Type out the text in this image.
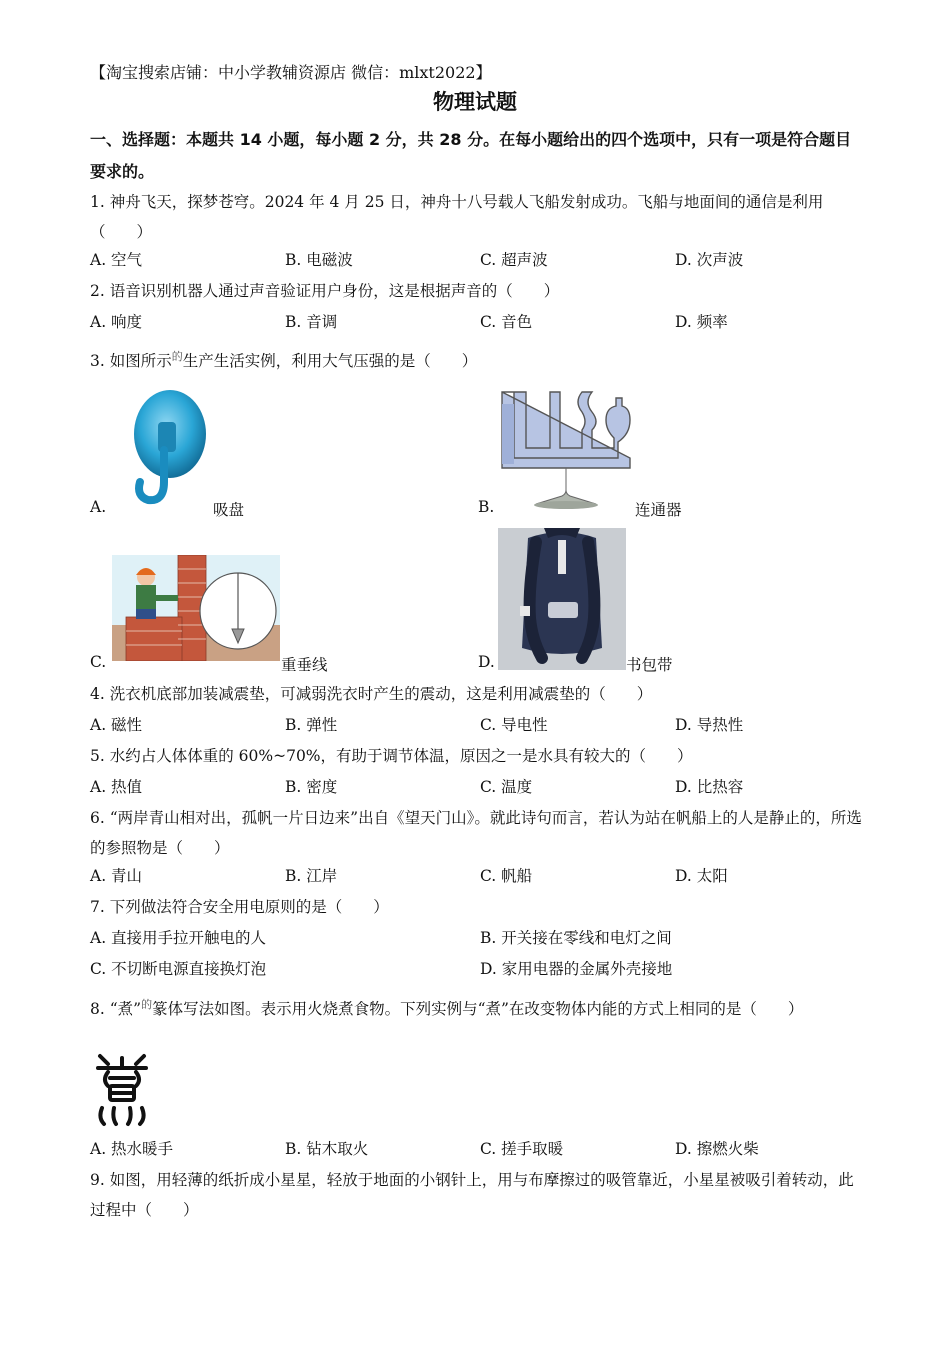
【淘宝搜索店铺：中小学教辅资源店 微信：mlxt2022】
物理试题
一、选择题：本题共 14 小题，每小题 2 分，共 28 分。在每小题给出的四个选项中，只有一项是符合题目要求的。
1. 神舟飞天，探梦苍穹。2024 年 4 月 25 日，神舟十八号载人飞船发射成功。飞船与地面间的通信是利用（　　）
A. 空气	B. 电磁波	C. 超声波	D. 次声波
2. 语音识别机器人通过声音验证用户身份，这是根据声音的（　　）
A. 响度	B. 音调	C. 音色	D. 频率
3. 如图所示$^的$生产生活实例，利用大气压强的是（　　）
A.	吸盘	B.	连通器
C.	重垂线	D.	书包带
4. 洗衣机底部加装减震垫，可减弱洗衣时产生的震动，这是利用减震垫的（　　）
A. 磁性	B. 弹性	C. 导电性	D. 导热性
5. 水约占人体体重的 60%~70%，有助于调节体温，原因之一是水具有较大的（　　）
A. 热值	B. 密度	C. 温度	D. 比热容
6. “两岸青山相对出，孤帆一片日边来”出自《望天门山》。就此诗句而言，若认为站在帆船上的人是静止的，所选的参照物是（　　）
A. 青山	B. 江岸	C. 帆船	D. 太阳
7. 下列做法符合安全用电原则的是（　　）
A. 直接用手拉开触电的人	B. 开关接在零线和电灯之间
C. 不切断电源直接换灯泡	D. 家用电器的金属外壳接地
8. “煮”$^的$篆体写法如图。表示用火烧煮食物。下列实例与“煮”在改变物体内能的方式上相同的是（　　）
A. 热水暖手	B. 钻木取火	C. 搓手取暖	D. 擦燃火柴
9. 如图，用轻薄的纸折成小星星，轻放于地面的小钢针上，用与布摩擦过的吸管靠近，小星星被吸引着转动，此过程中（　　）
